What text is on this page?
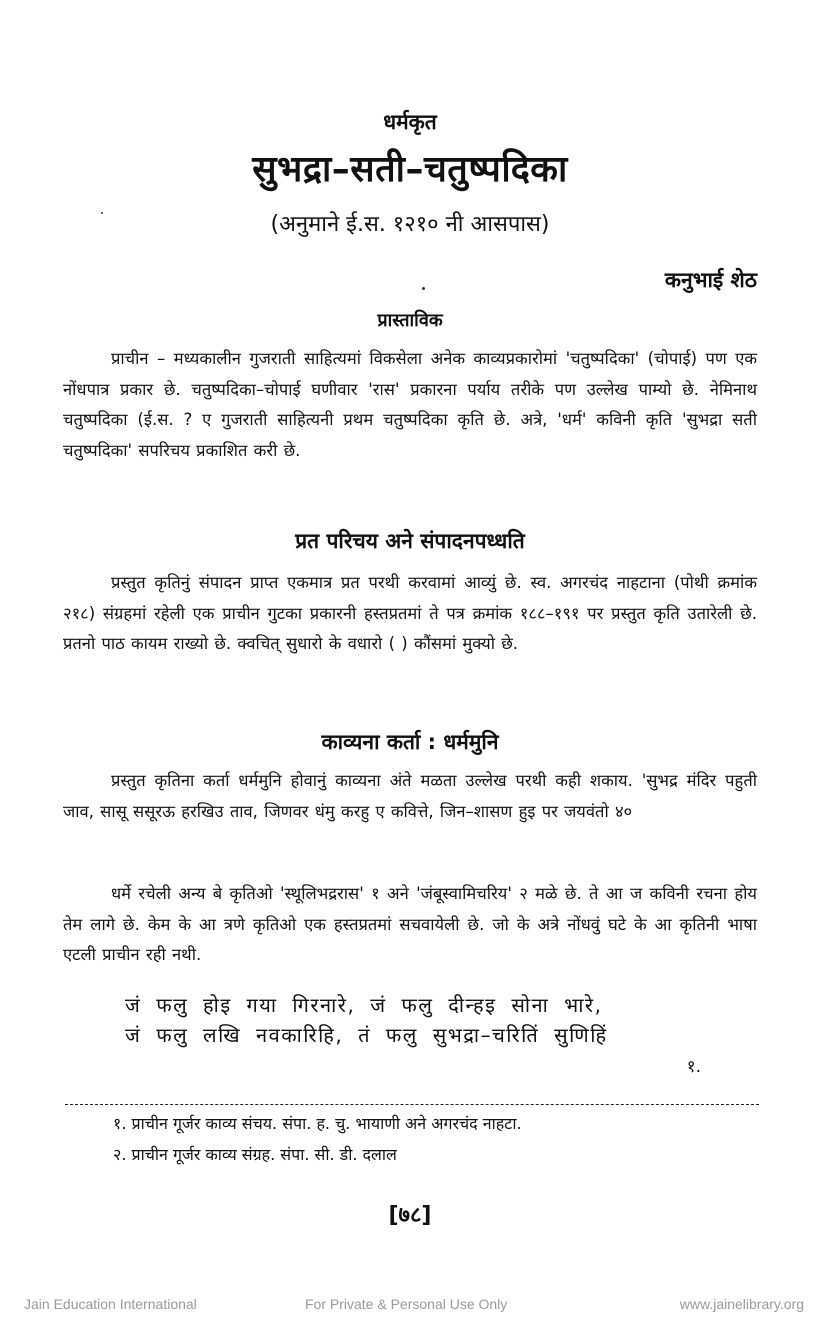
धर्मकृत
सुभद्रा–सती–चतुष्पदिका
(अनुमाने ई.स. १२१० नी आसपास)
कनुभाई शेठ
प्रास्ताविक

प्राचीन – मध्यकालीन गुजराती साहित्यमां विकसेला अनेक काव्यप्रकारोमां 'चतुष्पदिका' (चोपाई) पण एक नोंधपात्र प्रकार छे. चतुष्पदिका–चोपाई घणीवार 'रास' प्रकारना पर्याय तरीके पण उल्लेख पाम्यो छे. नेमिनाथ चतुष्पदिका (ई.स. ? ए गुजराती साहित्यनी प्रथम चतुष्पदिका कृति छे. अत्रे, 'धर्म' कविनी कृति 'सुभद्रा सती चतुष्पदिका' सपरिचय प्रकाशित करी छे.

प्रत परिचय अने संपादनपध्धति

प्रस्तुत कृतिनुं संपादन प्राप्त एकमात्र प्रत परथी करवामां आव्युं छे. स्व. अगरचंद नाहटाना (पोथी क्रमांक २१८) संग्रहमां रहेली एक प्राचीन गुटका प्रकारनी हस्तप्रतमां ते पत्र क्रमांक १८८–१९१ पर प्रस्तुत कृति उतारेली छे. प्रतनो पाठ कायम राख्यो छे. क्वचित् सुधारो के वधारो ( ) कौंसमां मुक्यो छे.

काव्यना कर्ता : धर्ममुनि

प्रस्तुत कृतिना कर्ता धर्ममुनि होवानुं काव्यना अंते मळता उल्लेख परथी कही शकाय. 'सुभद्र मंदिर पहुती जाव, सासू ससूरऊ हरखिउ ताव, जिणवर धंमु करहु ए कवित्ते, जिन–शासण हुइ पर जयवंतो ४०

धर्मे रचेली अन्य बे कृतिओ 'स्थूलिभद्ररास' १ अने 'जंबूस्वामिचरिय' २ मळे छे. ते आ ज कविनी रचना होय तेम लागे छे. केम के आ त्रणे कृतिओ एक हस्तप्रतमां सचवायेली छे. जो के अत्रे नोंधवुं घटे के आ कृतिनी भाषा एटली प्राचीन रही नथी.

जं फलु होइ गया गिरनारे, जं फलु दीन्हइ सोना भारे,
जं फलु लखि नवकारिहि, तं फलु सुभद्रा–चरितिं सुणिहिं
१.
१. प्राचीन गूर्जर काव्य संचय. संपा. ह. चु. भायाणी अने अगरचंद नाहटा.
२. प्राचीन गूर्जर काव्य संग्रह. संपा. सी. डी. दलाल
[७८]
Jain Education International	For Private & Personal Use Only	www.jainelibrary.org
